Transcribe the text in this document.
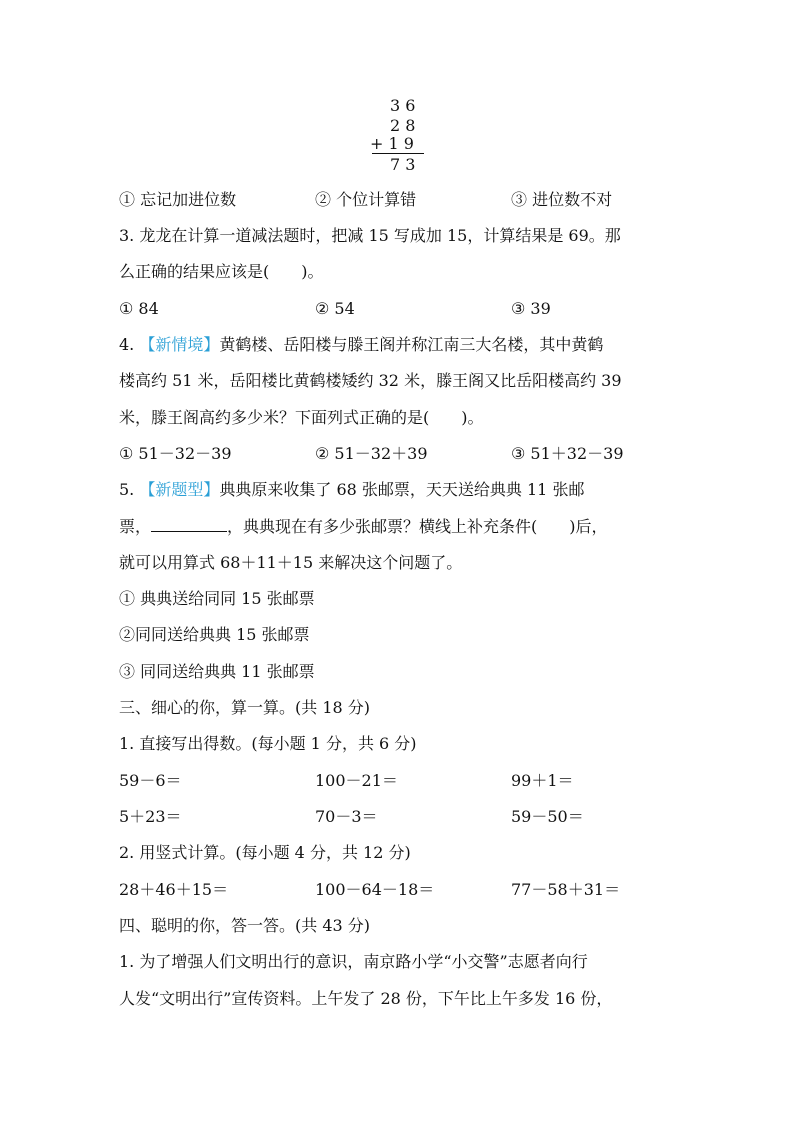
3 6
2 8
+ 1 9
7 3
① 忘记加进位数	② 个位计算错	③ 进位数不对
3. 龙龙在计算一道减法题时，把减 15 写成加 15，计算结果是 69。那
么正确的结果应该是(　　)。
① 84	② 54	③ 39
4. 【新情境】黄鹤楼、岳阳楼与滕王阁并称江南三大名楼，其中黄鹤
楼高约 51 米，岳阳楼比黄鹤楼矮约 32 米，滕王阁又比岳阳楼高约 39
米，滕王阁高约多少米？下面列式正确的是(　　)。
① 51－32－39	② 51－32＋39	③ 51＋32－39
5. 【新题型】典典原来收集了 68 张邮票，天天送给典典 11 张邮
票，	，典典现在有多少张邮票？横线上补充条件(　　)后，
就可以用算式 68＋11＋15 来解决这个问题了。
① 典典送给同同 15 张邮票
②同同送给典典 15 张邮票
③ 同同送给典典 11 张邮票
三、细心的你，算一算。(共 18 分)
1. 直接写出得数。(每小题 1 分，共 6 分)
59－6＝	100－21＝	99＋1＝
5＋23＝	70－3＝	59－50＝
2. 用竖式计算。(每小题 4 分，共 12 分)
28＋46＋15＝	100－64－18＝	77－58＋31＝
四、聪明的你，答一答。(共 43 分)
1. 为了增强人们文明出行的意识，南京路小学“小交警”志愿者向行
人发“文明出行”宣传资料。上午发了 28 份，下午比上午多发 16 份，
